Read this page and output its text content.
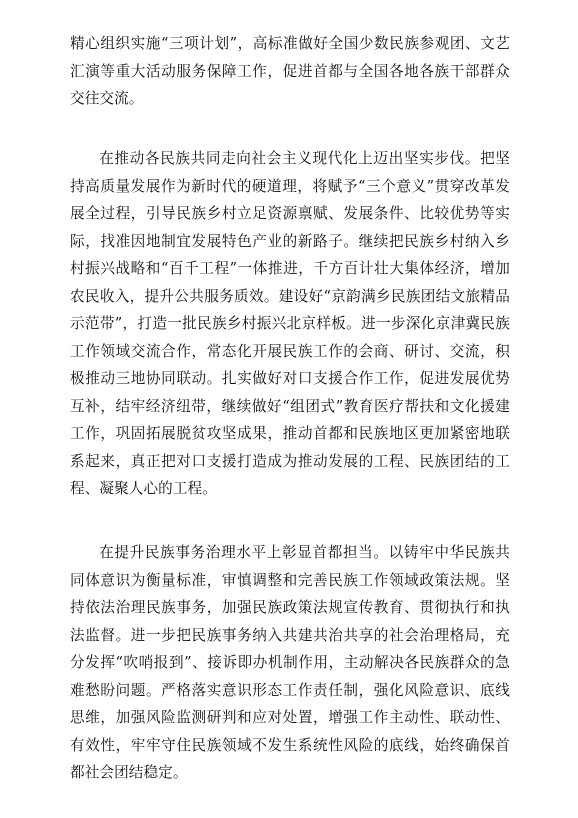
精心组织实施“三项计划”，高标准做好全国少数民族参观团、文艺汇演等重大活动服务保障工作，促进首都与全国各地各族干部群众交往交流。

在推动各民族共同走向社会主义现代化上迈出坚实步伐。把坚持高质量发展作为新时代的硬道理，将赋予“三个意义”贯穿改革发展全过程，引导民族乡村立足资源禀赋、发展条件、比较优势等实际，找准因地制宜发展特色产业的新路子。继续把民族乡村纳入乡村振兴战略和“百千工程”一体推进，千方百计壮大集体经济，增加农民收入，提升公共服务质效。建设好“京韵满乡民族团结文旅精品示范带”，打造一批民族乡村振兴北京样板。进一步深化京津冀民族工作领域交流合作，常态化开展民族工作的会商、研讨、交流，积极推动三地协同联动。扎实做好对口支援合作工作，促进发展优势互补，结牢经济纽带，继续做好“组团式”教育医疗帮扶和文化援建工作，巩固拓展脱贫攻坚成果，推动首都和民族地区更加紧密地联系起来，真正把对口支援打造成为推动发展的工程、民族团结的工程、凝聚人心的工程。

在提升民族事务治理水平上彰显首都担当。以铸牢中华民族共同体意识为衡量标准，审慎调整和完善民族工作领域政策法规。坚持依法治理民族事务，加强民族政策法规宣传教育、贯彻执行和执法监督。进一步把民族事务纳入共建共治共享的社会治理格局，充分发挥“吹哨报到”、接诉即办机制作用，主动解决各民族群众的急难愁盼问题。严格落实意识形态工作责任制，强化风险意识、底线思维，加强风险监测研判和应对处置，增强工作主动性、联动性、有效性，牢牢守住民族领域不发生系统性风险的底线，始终确保首都社会团结稳定。
